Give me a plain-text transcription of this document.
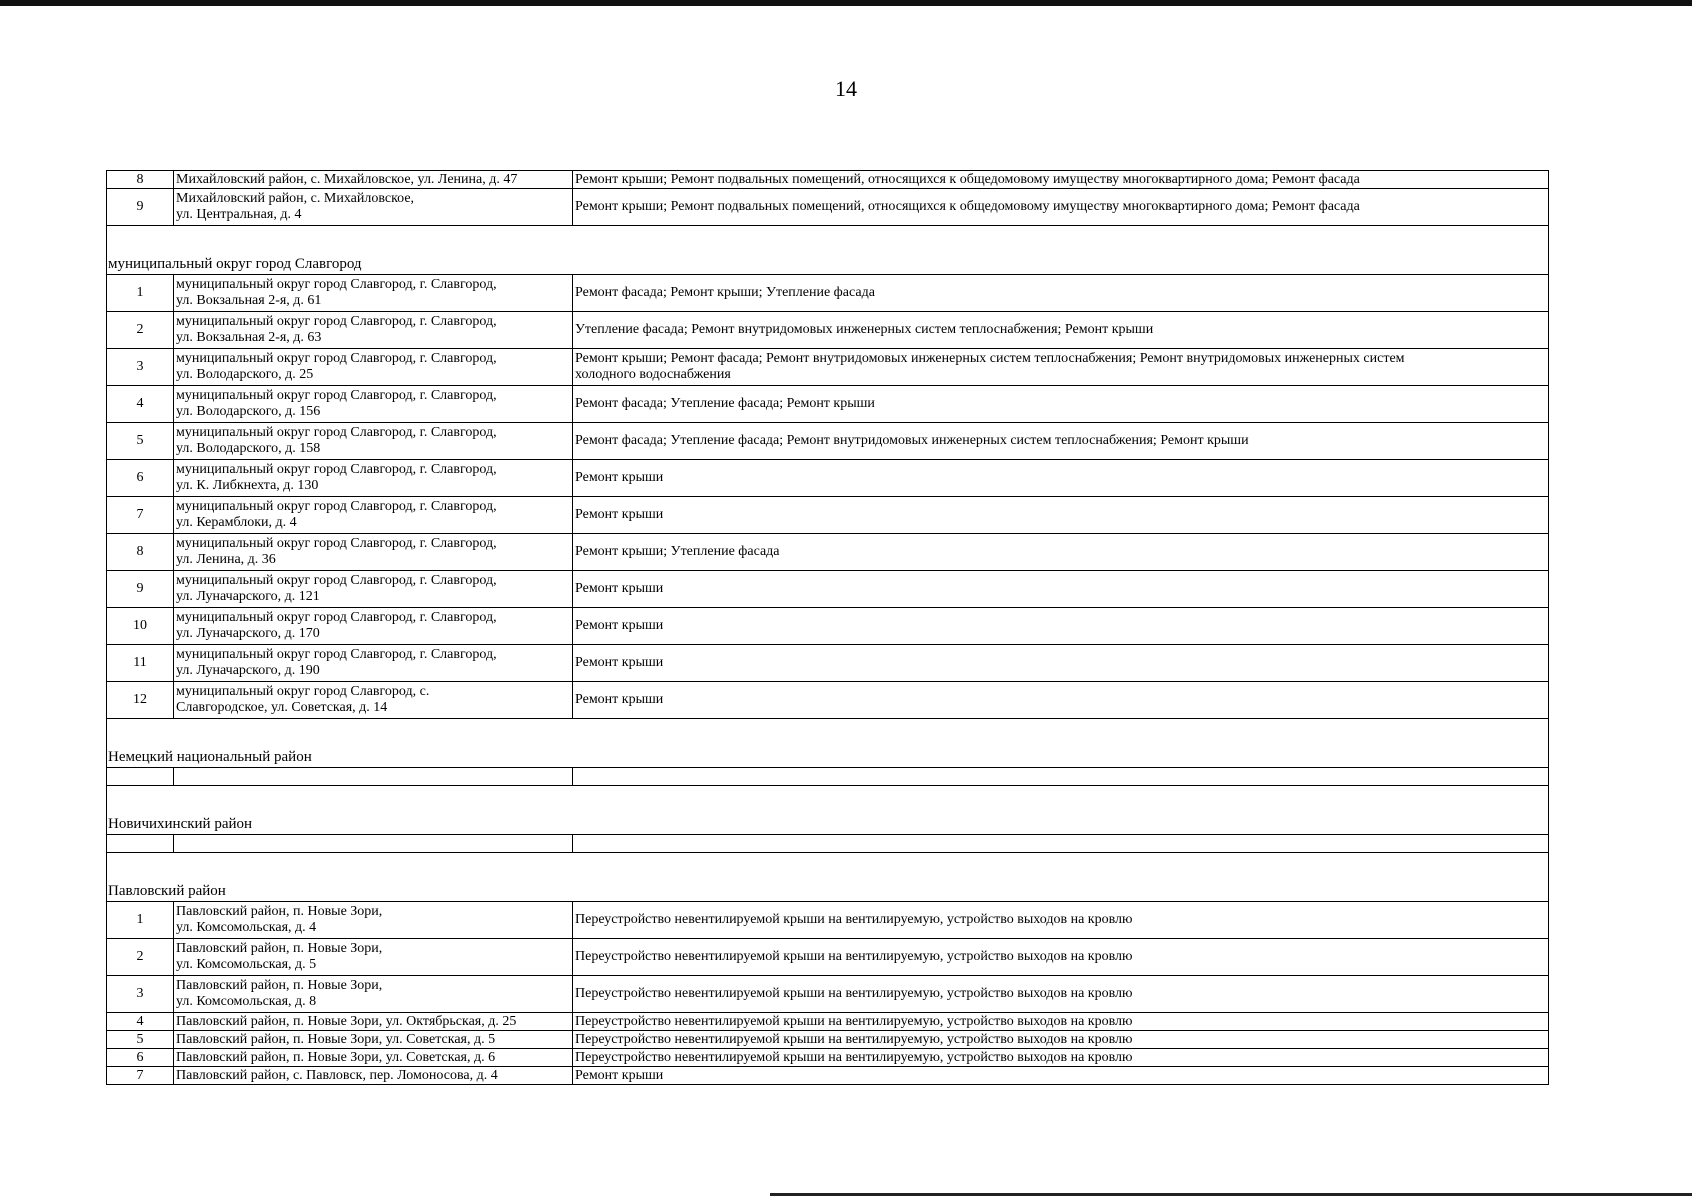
14
8	Михайловский район, с. Михайловское, ул. Ленина, д. 47	Ремонт крыши; Ремонт подвальных помещений, относящихся к общедомовому имуществу многоквартирного дома; Ремонт фасада
9	Михайловский район, с. Михайловское,
ул. Центральная, д. 4	Ремонт крыши; Ремонт подвальных помещений, относящихся к общедомовому имуществу многоквартирного дома; Ремонт фасада
муниципальный округ город Славгород		
1	муниципальный округ город Славгород, г. Славгород,
ул. Вокзальная 2-я, д. 61	Ремонт фасада; Ремонт крыши; Утепление фасада
2	муниципальный округ город Славгород, г. Славгород,
ул. Вокзальная 2-я, д. 63	Утепление фасада; Ремонт внутридомовых инженерных систем теплоснабжения; Ремонт крыши
3	муниципальный округ город Славгород, г. Славгород,
ул. Володарского, д. 25	Ремонт крыши; Ремонт фасада; Ремонт внутридомовых инженерных систем теплоснабжения; Ремонт внутридомовых инженерных систем
холодного водоснабжения
4	муниципальный округ город Славгород, г. Славгород,
ул. Володарского, д. 156	Ремонт фасада; Утепление фасада; Ремонт крыши
5	муниципальный округ город Славгород, г. Славгород,
ул. Володарского, д. 158	Ремонт фасада; Утепление фасада; Ремонт внутридомовых инженерных систем теплоснабжения; Ремонт крыши
6	муниципальный округ город Славгород, г. Славгород,
ул. К. Либкнехта, д. 130	Ремонт крыши
7	муниципальный округ город Славгород, г. Славгород,
ул. Керамблоки, д. 4	Ремонт крыши
8	муниципальный округ город Славгород, г. Славгород,
ул. Ленина, д. 36	Ремонт крыши; Утепление фасада
9	муниципальный округ город Славгород, г. Славгород,
ул. Луначарского, д. 121	Ремонт крыши
10	муниципальный округ город Славгород, г. Славгород,
ул. Луначарского, д. 170	Ремонт крыши
11	муниципальный округ город Славгород, г. Славгород,
ул. Луначарского, д. 190	Ремонт крыши
12	муниципальный округ город Славгород, с.
Славгородское, ул. Советская, д. 14	Ремонт крыши
Немецкий национальный район		

Новичихинский район		

Павловский район		
1	Павловский район, п. Новые Зори,
ул. Комсомольская, д. 4	Переустройство невентилируемой крыши на вентилируемую, устройство выходов на кровлю
2	Павловский район, п. Новые Зори,
ул. Комсомольская, д. 5	Переустройство невентилируемой крыши на вентилируемую, устройство выходов на кровлю
3	Павловский район, п. Новые Зори,
ул. Комсомольская, д. 8	Переустройство невентилируемой крыши на вентилируемую, устройство выходов на кровлю
4	Павловский район, п. Новые Зори, ул. Октябрьская, д. 25	Переустройство невентилируемой крыши на вентилируемую, устройство выходов на кровлю
5	Павловский район, п. Новые Зори, ул. Советская, д. 5	Переустройство невентилируемой крыши на вентилируемую, устройство выходов на кровлю
6	Павловский район, п. Новые Зори, ул. Советская, д. 6	Переустройство невентилируемой крыши на вентилируемую, устройство выходов на кровлю
7	Павловский район, с. Павловск, пер. Ломоносова, д. 4	Ремонт крыши
